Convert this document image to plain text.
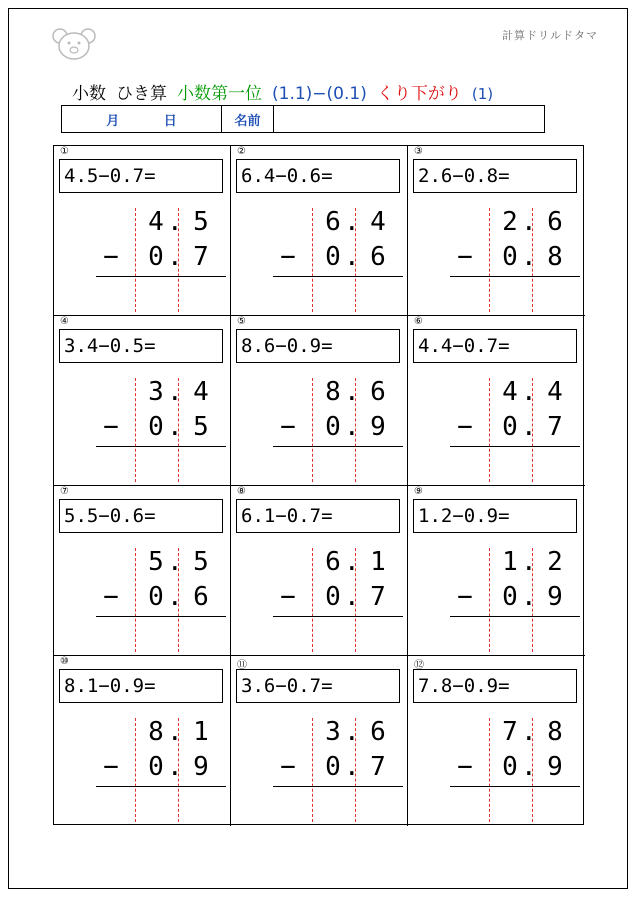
計算ドリルドタマ
小数 ひき算 小数第一位 (1.1)−(0.1) くり下がり (1)
月	日	名前
①
4.5−0.7=
4 . 5
− 0 . 7
②
6.4−0.6=
6 . 4
− 0 . 6
③
2.6−0.8=
2 . 6
− 0 . 8
④
3.4−0.5=
3 . 4
− 0 . 5
⑤
8.6−0.9=
8 . 6
− 0 . 9
⑥
4.4−0.7=
4 . 4
− 0 . 7
⑦
5.5−0.6=
5 . 5
− 0 . 6
⑧
6.1−0.7=
6 . 1
− 0 . 7
⑨
1.2−0.9=
1 . 2
− 0 . 9
⑩
8.1−0.9=
8 . 1
− 0 . 9
⑪
3.6−0.7=
3 . 6
− 0 . 7
⑫
7.8−0.9=
7 . 8
− 0 . 9
